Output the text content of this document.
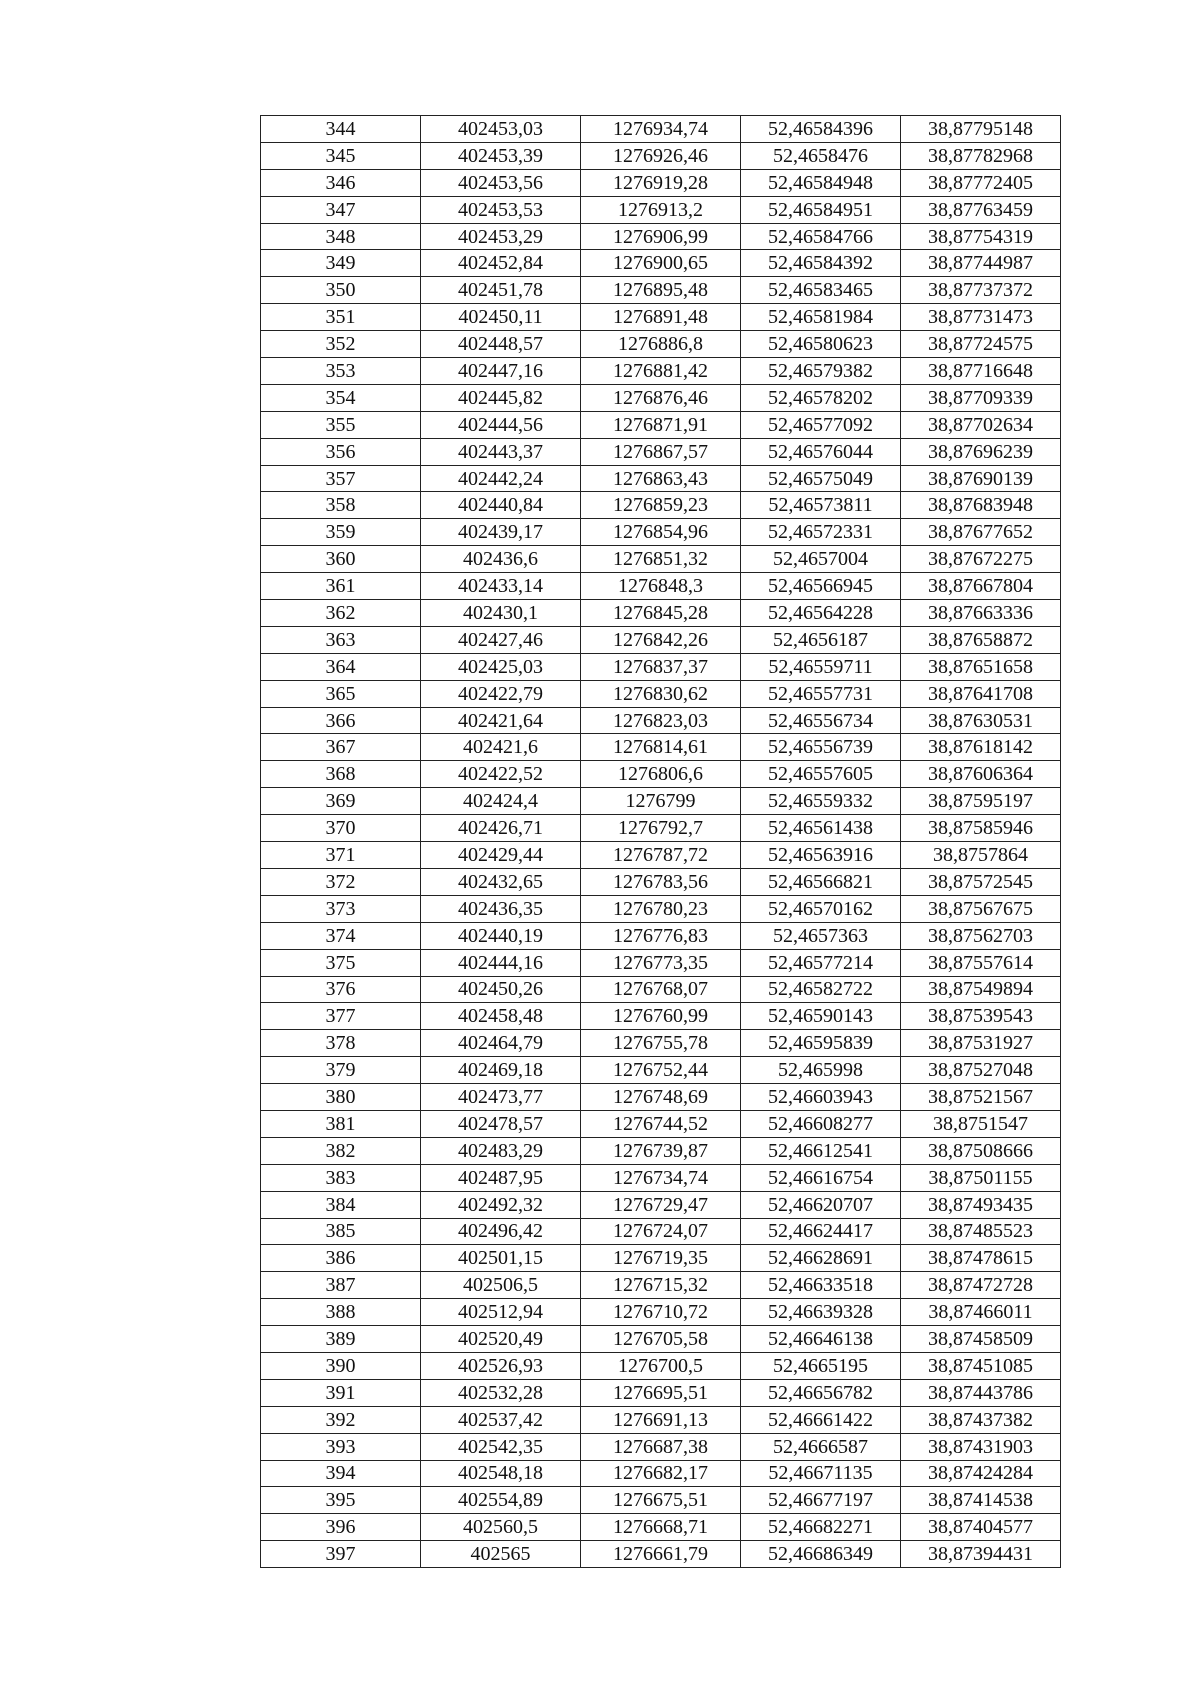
344	402453,03	1276934,74	52,46584396	38,87795148
345	402453,39	1276926,46	52,4658476	38,87782968
346	402453,56	1276919,28	52,46584948	38,87772405
347	402453,53	1276913,2	52,46584951	38,87763459
348	402453,29	1276906,99	52,46584766	38,87754319
349	402452,84	1276900,65	52,46584392	38,87744987
350	402451,78	1276895,48	52,46583465	38,87737372
351	402450,11	1276891,48	52,46581984	38,87731473
352	402448,57	1276886,8	52,46580623	38,87724575
353	402447,16	1276881,42	52,46579382	38,87716648
354	402445,82	1276876,46	52,46578202	38,87709339
355	402444,56	1276871,91	52,46577092	38,87702634
356	402443,37	1276867,57	52,46576044	38,87696239
357	402442,24	1276863,43	52,46575049	38,87690139
358	402440,84	1276859,23	52,46573811	38,87683948
359	402439,17	1276854,96	52,46572331	38,87677652
360	402436,6	1276851,32	52,4657004	38,87672275
361	402433,14	1276848,3	52,46566945	38,87667804
362	402430,1	1276845,28	52,46564228	38,87663336
363	402427,46	1276842,26	52,4656187	38,87658872
364	402425,03	1276837,37	52,46559711	38,87651658
365	402422,79	1276830,62	52,46557731	38,87641708
366	402421,64	1276823,03	52,46556734	38,87630531
367	402421,6	1276814,61	52,46556739	38,87618142
368	402422,52	1276806,6	52,46557605	38,87606364
369	402424,4	1276799	52,46559332	38,87595197
370	402426,71	1276792,7	52,46561438	38,87585946
371	402429,44	1276787,72	52,46563916	38,8757864
372	402432,65	1276783,56	52,46566821	38,87572545
373	402436,35	1276780,23	52,46570162	38,87567675
374	402440,19	1276776,83	52,4657363	38,87562703
375	402444,16	1276773,35	52,46577214	38,87557614
376	402450,26	1276768,07	52,46582722	38,87549894
377	402458,48	1276760,99	52,46590143	38,87539543
378	402464,79	1276755,78	52,46595839	38,87531927
379	402469,18	1276752,44	52,465998	38,87527048
380	402473,77	1276748,69	52,46603943	38,87521567
381	402478,57	1276744,52	52,46608277	38,8751547
382	402483,29	1276739,87	52,46612541	38,87508666
383	402487,95	1276734,74	52,46616754	38,87501155
384	402492,32	1276729,47	52,46620707	38,87493435
385	402496,42	1276724,07	52,46624417	38,87485523
386	402501,15	1276719,35	52,46628691	38,87478615
387	402506,5	1276715,32	52,46633518	38,87472728
388	402512,94	1276710,72	52,46639328	38,87466011
389	402520,49	1276705,58	52,46646138	38,87458509
390	402526,93	1276700,5	52,4665195	38,87451085
391	402532,28	1276695,51	52,46656782	38,87443786
392	402537,42	1276691,13	52,46661422	38,87437382
393	402542,35	1276687,38	52,4666587	38,87431903
394	402548,18	1276682,17	52,46671135	38,87424284
395	402554,89	1276675,51	52,46677197	38,87414538
396	402560,5	1276668,71	52,46682271	38,87404577
397	402565	1276661,79	52,46686349	38,87394431
